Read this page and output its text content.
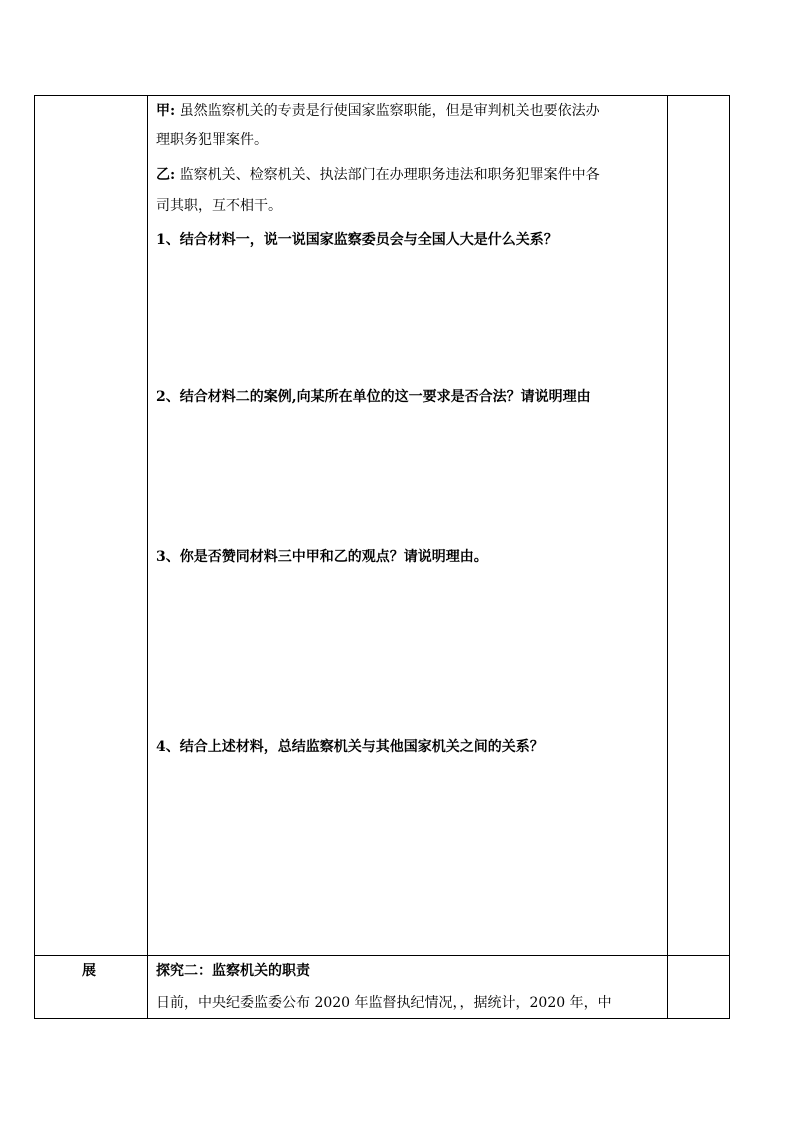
甲: 虽然监察机关的专责是行使国家监察职能，但是审判机关也要依法办
理职务犯罪案件。
乙: 监察机关、检察机关、执法部门在办理职务违法和职务犯罪案件中各
司其职，互不相干。
1、结合材料一，说一说国家监察委员会与全国人大是什么关系？
2、结合材料二的案例,向某所在单位的这一要求是否合法？请说明理由
3、你是否赞同材料三中甲和乙的观点？请说明理由。
4、结合上述材料，总结监察机关与其他国家机关之间的关系？
展	探究二：监察机关的职责
日前，中央纪委监委公布 2020 年监督执纪情况，，据统计，2020 年，中
